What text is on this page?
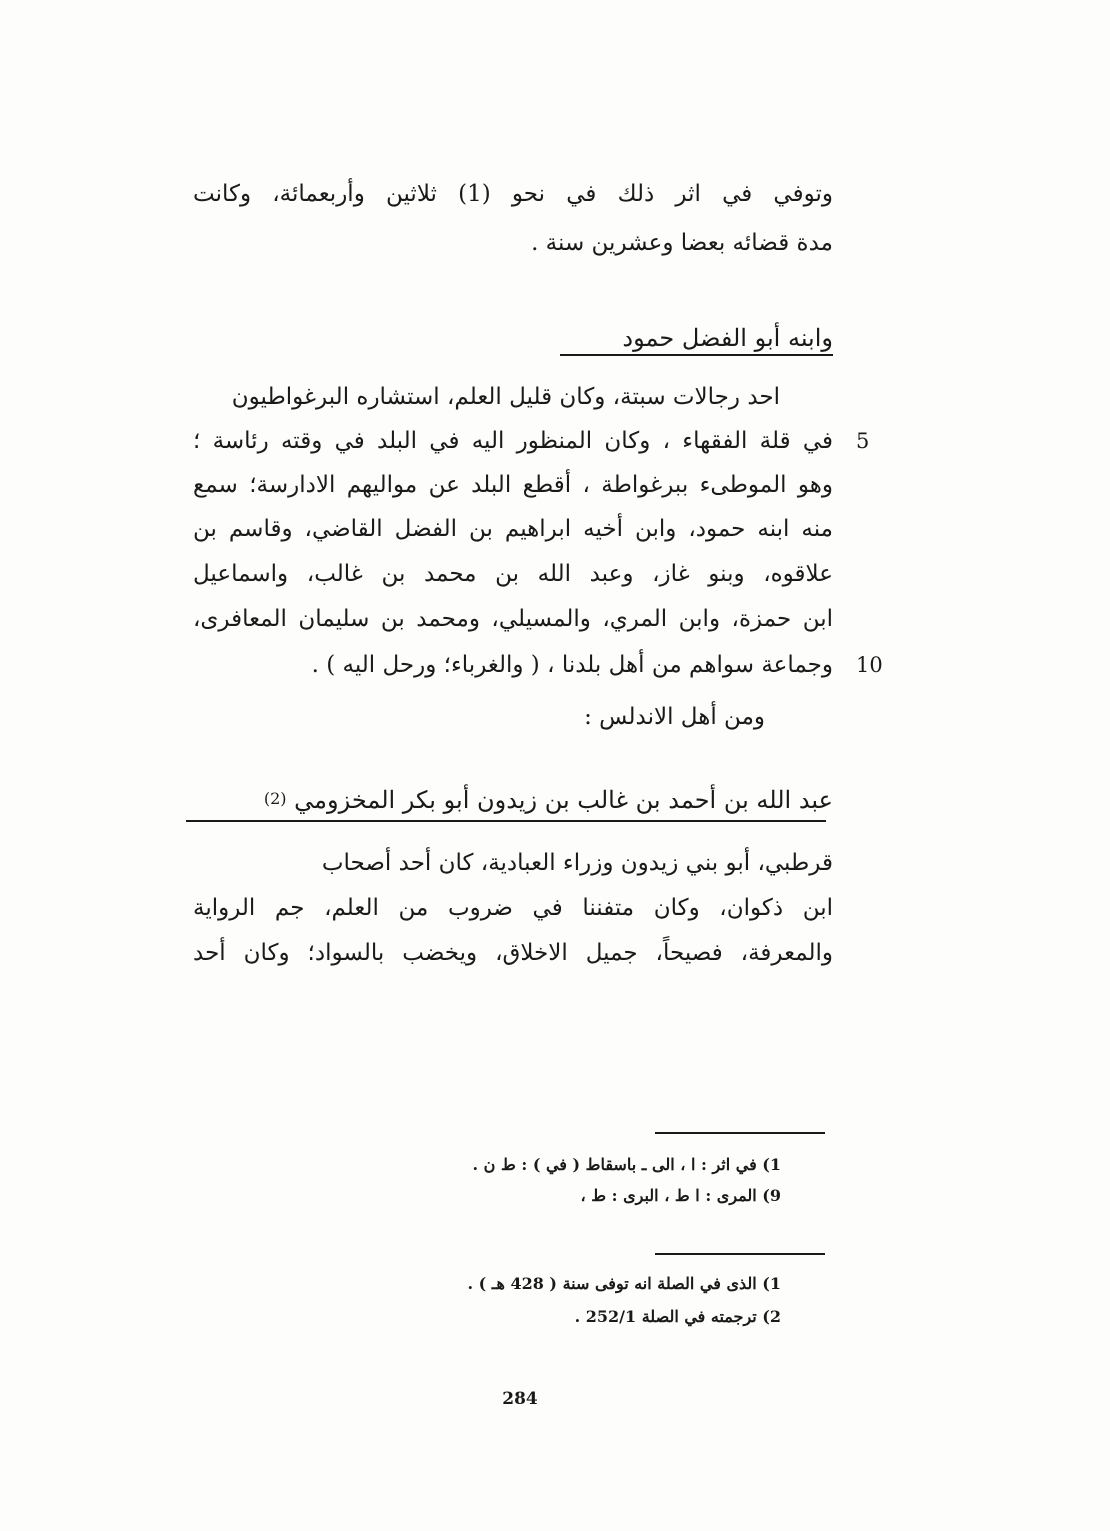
وتوفي في اثر ذلك في نحو (1) ثلاثين وأربعمائة، وكانت
مدة قضائه بعضا وعشرين سنة .
وابنه أبو الفضل حمود
احد رجالات سبتة، وكان قليل العلم، استشاره البرغواطيون
في قلة الفقهاء ، وكان المنظور اليه في البلد في وقته رئاسة ؛
وهو الموطىء ببرغواطة ، أقطع البلد عن مواليهم الادارسة؛ سمع
منه ابنه حمود، وابن أخيه ابراهيم بن الفضل القاضي، وقاسم بن
علاقوه، وبنو غاز، وعبد الله بن محمد بن غالب، واسماعيل
ابن حمزة، وابن المري، والمسيلي، ومحمد بن سليمان المعافرى،
وجماعة سواهم من أهل بلدنا ، ( والغرباء؛ ورحل اليه ) .
ومن أهل الاندلس :
5
10
عبد الله بن أحمد بن غالب بن زيدون أبو بكر المخزومي (2)
قرطبي، أبو بني زيدون وزراء العبادية، كان أحد أصحاب
ابن ذكوان، وكان متفننا في ضروب من العلم، جم الرواية
والمعرفة، فصيحاً، جميل الاخلاق، ويخضب بالسواد؛ وكان أحد
1) في اثر : ا ، الى ـ باسقاط ( في ) : ط ن .
9) المرى : ا ط ، البرى : ط ،
1) الذى في الصلة انه توفى سنة ( 428 هـ ) .
2) ترجمته في الصلة 252/1 .
284
